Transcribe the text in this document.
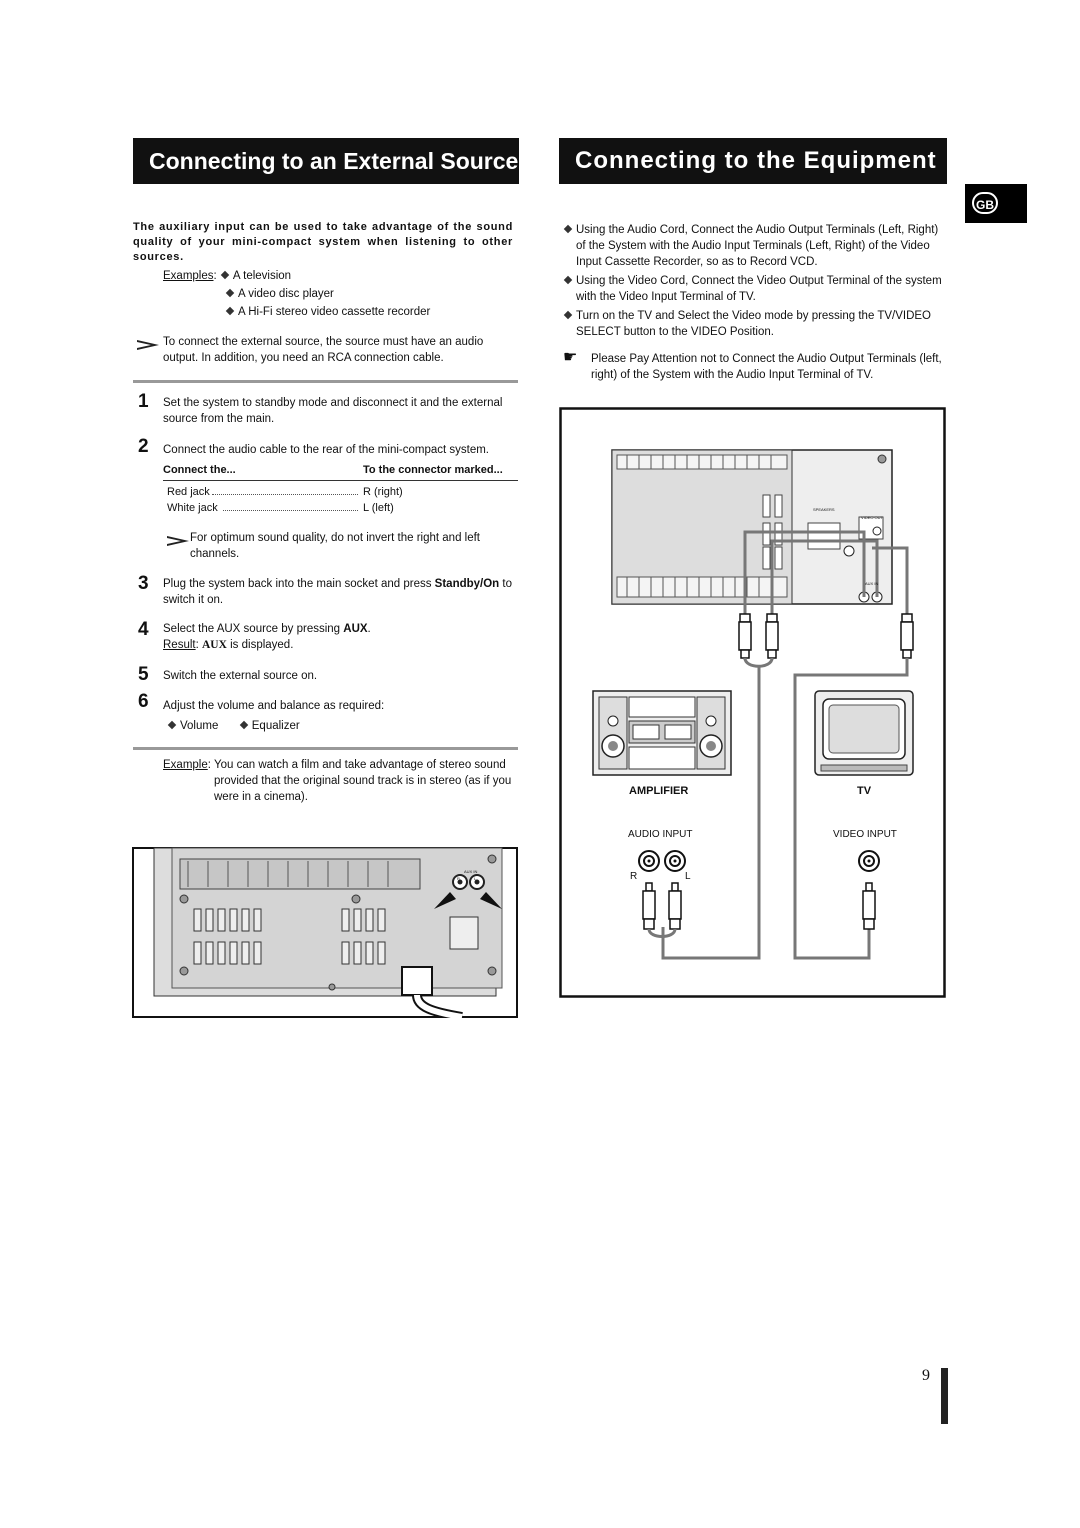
Connecting to an External Source	Connecting to the Equipment
GB
The auxiliary input can be used to take advantage of the sound quality of your mini-compact system when listening to other sources.
Examples: A television
A video disc player
A Hi-Fi stereo video cassette recorder
To connect the external source, the source must have an audio output. In addition, you need an RCA connection cable.
1 Set the system to standby mode and disconnect it and the external source from the main.
2 Connect the audio cable to the rear of the mini-compact system.
Connect the...	To the connector marked...
Red jack	R (right)
White jack	L (left)
For optimum sound quality, do not invert the right and left channels.
3 Plug the system back into the main socket and press Standby/On to switch it on.
4 Select the AUX source by pressing AUX.
Result: AUX is displayed.
5 Switch the external source on.
6 Adjust the volume and balance as required:
Volume	Equalizer
Example: You can watch a film and take advantage of stereo sound provided that the original sound track is in stereo (as if you were in a cinema).
AUX IN
R	L
Using the Audio Cord, Connect the Audio Output Terminals (Left, Right) of the System with the Audio Input Terminals (Left, Right) of the Video Input Cassette Recorder, so as to Record VCD.
Using the Video Cord, Connect the Video Output Terminal of the system with the Video Input Terminal of TV.
Turn on the TV and Select the Video mode by pressing the TV/VIDEO SELECT button to the VIDEO Position.
☛	Please Pay Attention not to Connect the Audio Output Terminals (left, right) of the System with the Audio Input Terminal of TV.
SPEAKERS
VIDEO OUT
AUX IN
AMPLIFIER	TV
AUDIO INPUT	VIDEO INPUT
R	L
9
